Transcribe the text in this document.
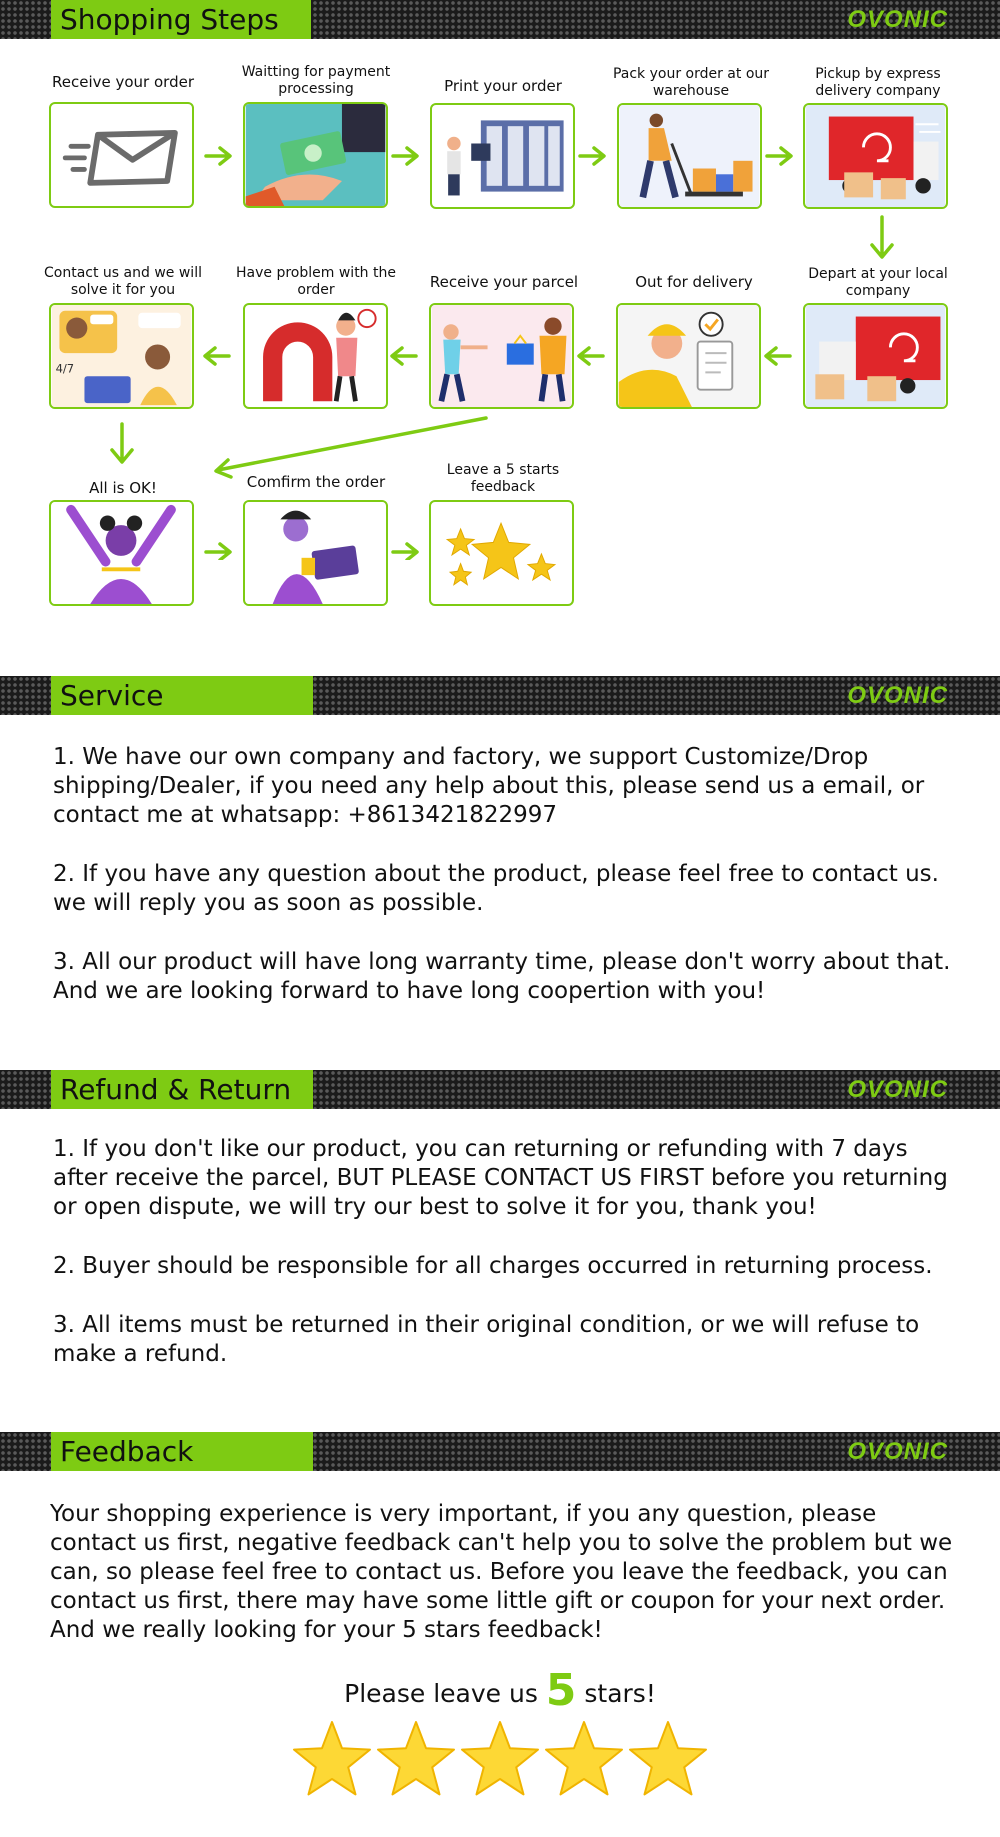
Shopping Steps	OVONIC
Receive your order
Waitting for payment processing	Print your order
Pack your order at our warehouse
Pickup by express delivery company
Depart at your local company
Out for delivery
Receive your parcel
Have problem with the order
Contact us and we will solve it for you
All is OK!	Comfirm the order
Leave a 5 starts feedback
4/7
Service	OVONIC
1. We have our own company and factory, we support Customize/Drop shipping/Dealer, if you need any help about this, please send us a email, or contact me at whatsapp: +8613421822997
2. If you have any question about the product, please feel free to contact us. we will reply you as soon as possible.
3. All our product will have long warranty time, please don't worry about that. And we are looking forward to have long coopertion with you!
Refund & Return	OVONIC
1. If you don't like our product, you can returning or refunding with 7 days after receive the parcel, BUT PLEASE CONTACT US FIRST before you returning or open dispute, we will try our best to solve it for you, thank you!
2. Buyer should be responsible for all charges occurred in returning process.
3. All items must be returned in their original condition, or we will refuse to make a refund.
Feedback	OVONIC
Your shopping experience is very important, if you any question, please contact us first, negative feedback can't help you to solve the problem but we can, so please feel free to contact us. Before you leave the feedback, you can contact us first, there may have some little gift or coupon for your next order. And we really looking for your 5 stars feedback!
Please leave us 5 stars!
